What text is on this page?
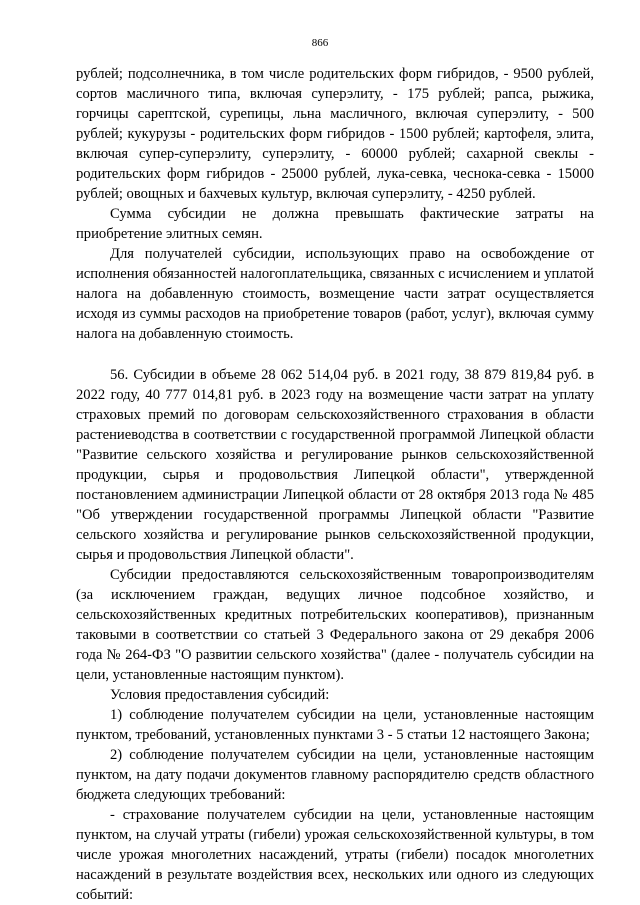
866

рублей; подсолнечника, в том числе родительских форм гибридов, - 9500 рублей, сортов масличного типа, включая суперэлиту, - 175 рублей; рапса, рыжика, горчицы сарептской, сурепицы, льна масличного, включая суперэлиту, - 500 рублей; кукурузы - родительских форм гибридов - 1500 рублей; картофеля, элита, включая супер-суперэлиту, суперэлиту, - 60000 рублей; сахарной свеклы - родительских форм гибридов - 25000 рублей, лука-севка, чеснока-севка - 15000 рублей; овощных и бахчевых культур, включая суперэлиту, - 4250 рублей.

Сумма субсидии не должна превышать фактические затраты на приобретение элитных семян.

Для получателей субсидии, использующих право на освобождение от исполнения обязанностей налогоплательщика, связанных с исчислением и уплатой налога на добавленную стоимость, возмещение части затрат осуществляется исходя из суммы расходов на приобретение товаров (работ, услуг), включая сумму налога на добавленную стоимость.

56. Субсидии в объеме 28 062 514,04 руб. в 2021 году, 38 879 819,84 руб. в 2022 году, 40 777 014,81 руб. в 2023 году на возмещение части затрат на уплату страховых премий по договорам сельскохозяйственного страхования в области растениеводства в соответствии с государственной программой Липецкой области "Развитие сельского хозяйства и регулирование рынков сельскохозяйственной продукции, сырья и продовольствия Липецкой области", утвержденной постановлением администрации Липецкой области от 28 октября 2013 года № 485 "Об утверждении государственной программы Липецкой области "Развитие сельского хозяйства и регулирование рынков сельскохозяйственной продукции, сырья и продовольствия Липецкой области".

Субсидии предоставляются сельскохозяйственным товаропроизводителям (за исключением граждан, ведущих личное подсобное хозяйство, и сельскохозяйственных кредитных потребительских кооперативов), признанным таковыми в соответствии со статьей 3 Федерального закона от 29 декабря 2006 года № 264-ФЗ "О развитии сельского хозяйства" (далее - получатель субсидии на цели, установленные настоящим пунктом).

Условия предоставления субсидий:

1) соблюдение получателем субсидии на цели, установленные настоящим пунктом, требований, установленных пунктами 3 - 5 статьи 12 настоящего Закона;

2) соблюдение получателем субсидии на цели, установленные настоящим пунктом, на дату подачи документов главному распорядителю средств областного бюджета следующих требований:

- страхование получателем субсидии на цели, установленные настоящим пунктом, на случай утраты (гибели) урожая сельскохозяйственной культуры, в том числе урожая многолетних насаждений, утраты (гибели) посадок многолетних насаждений в результате воздействия всех, нескольких или одного из следующих событий:
